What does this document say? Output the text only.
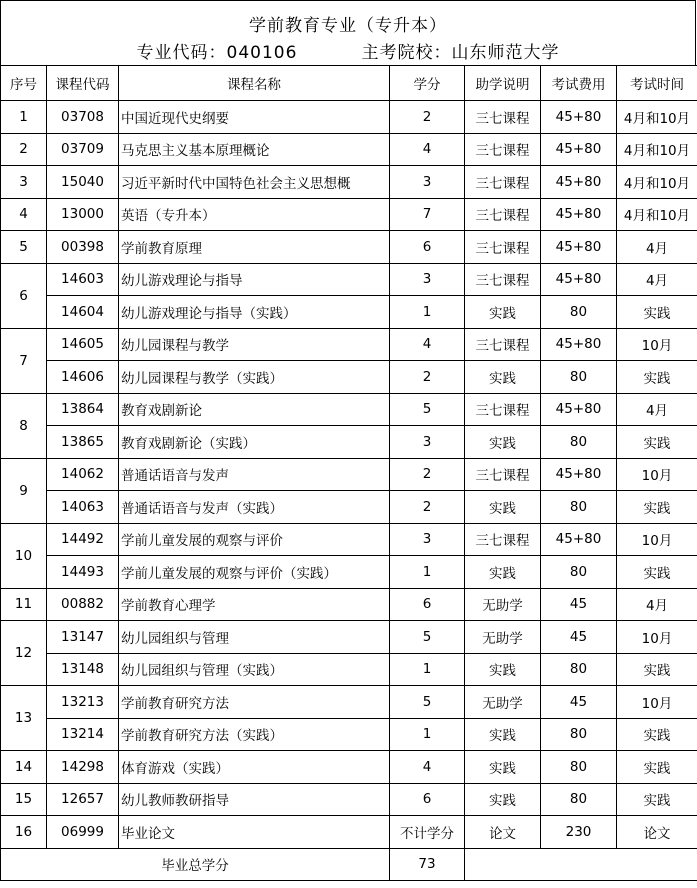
学前教育专业（专升本）
专业代码：040106	主考院校：山东师范大学
序号	课程代码	课程名称	学分	助学说明	考试费用	考试时间
1	03708	中国近现代史纲要	2	三七课程	45+80	4月和10月
2	03709	马克思主义基本原理概论	4	三七课程	45+80	4月和10月
3	15040	习近平新时代中国特色社会主义思想概	3	三七课程	45+80	4月和10月
4	13000	英语（专升本）	7	三七课程	45+80	4月和10月
5	00398	学前教育原理	6	三七课程	45+80	4月
6	14603	幼儿游戏理论与指导	3	三七课程	45+80	4月
	14604	幼儿游戏理论与指导（实践）	1	实践	80	实践
7	14605	幼儿园课程与教学	4	三七课程	45+80	10月
	14606	幼儿园课程与教学（实践）	2	实践	80	实践
8	13864	教育戏剧新论	5	三七课程	45+80	4月
	13865	教育戏剧新论（实践）	3	实践	80	实践
9	14062	普通话语音与发声	2	三七课程	45+80	10月
	14063	普通话语音与发声（实践）	2	实践	80	实践
10	14492	学前儿童发展的观察与评价	3	三七课程	45+80	10月
	14493	学前儿童发展的观察与评价（实践）	1	实践	80	实践
11	00882	学前教育心理学	6	无助学	45	4月
12	13147	幼儿园组织与管理	5	无助学	45	10月
	13148	幼儿园组织与管理（实践）	1	实践	80	实践
13	13213	学前教育研究方法	5	无助学	45	10月
	13214	学前教育研究方法（实践）	1	实践	80	实践
14	14298	体育游戏（实践）	4	实践	80	实践
15	12657	幼儿教师教研指导	6	实践	80	实践
16	06999	毕业论文	不计学分	论文	230	论文
毕业总学分			73			
